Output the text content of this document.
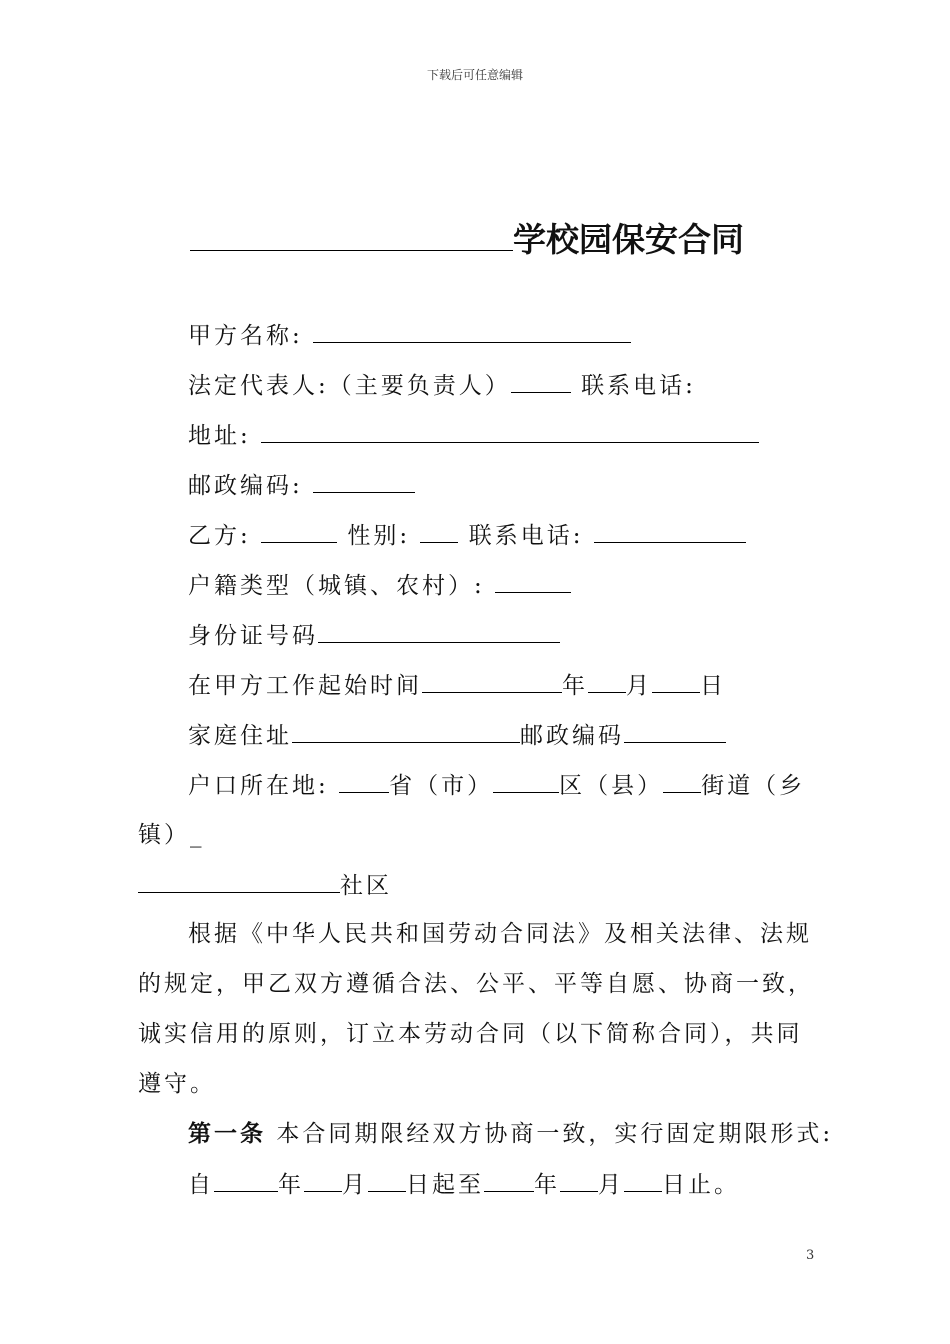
下载后可任意编辑
学校园保安合同
甲方名称:
法定代表人:（主要负责人）	联系电话:
地址:
邮政编码:
乙方:	性别:	联系电话:
户籍类型（城镇、农村）:
身份证号码
在甲方工作起始时间	年 月 日
家庭住址	邮政编码
户口所在地:	省（市）	区（县） 街道（乡
镇）_
社区
根据《中华人民共和国劳动合同法》及相关法律、法规
的规定，甲乙双方遵循合法、公平、平等自愿、协商一致，
诚实信用的原则，订立本劳动合同（以下简称合同），共同
遵守。
第一条 本合同期限经双方协商一致，实行固定期限形式:
自	年 月 日起至 年 月 日止。
3
